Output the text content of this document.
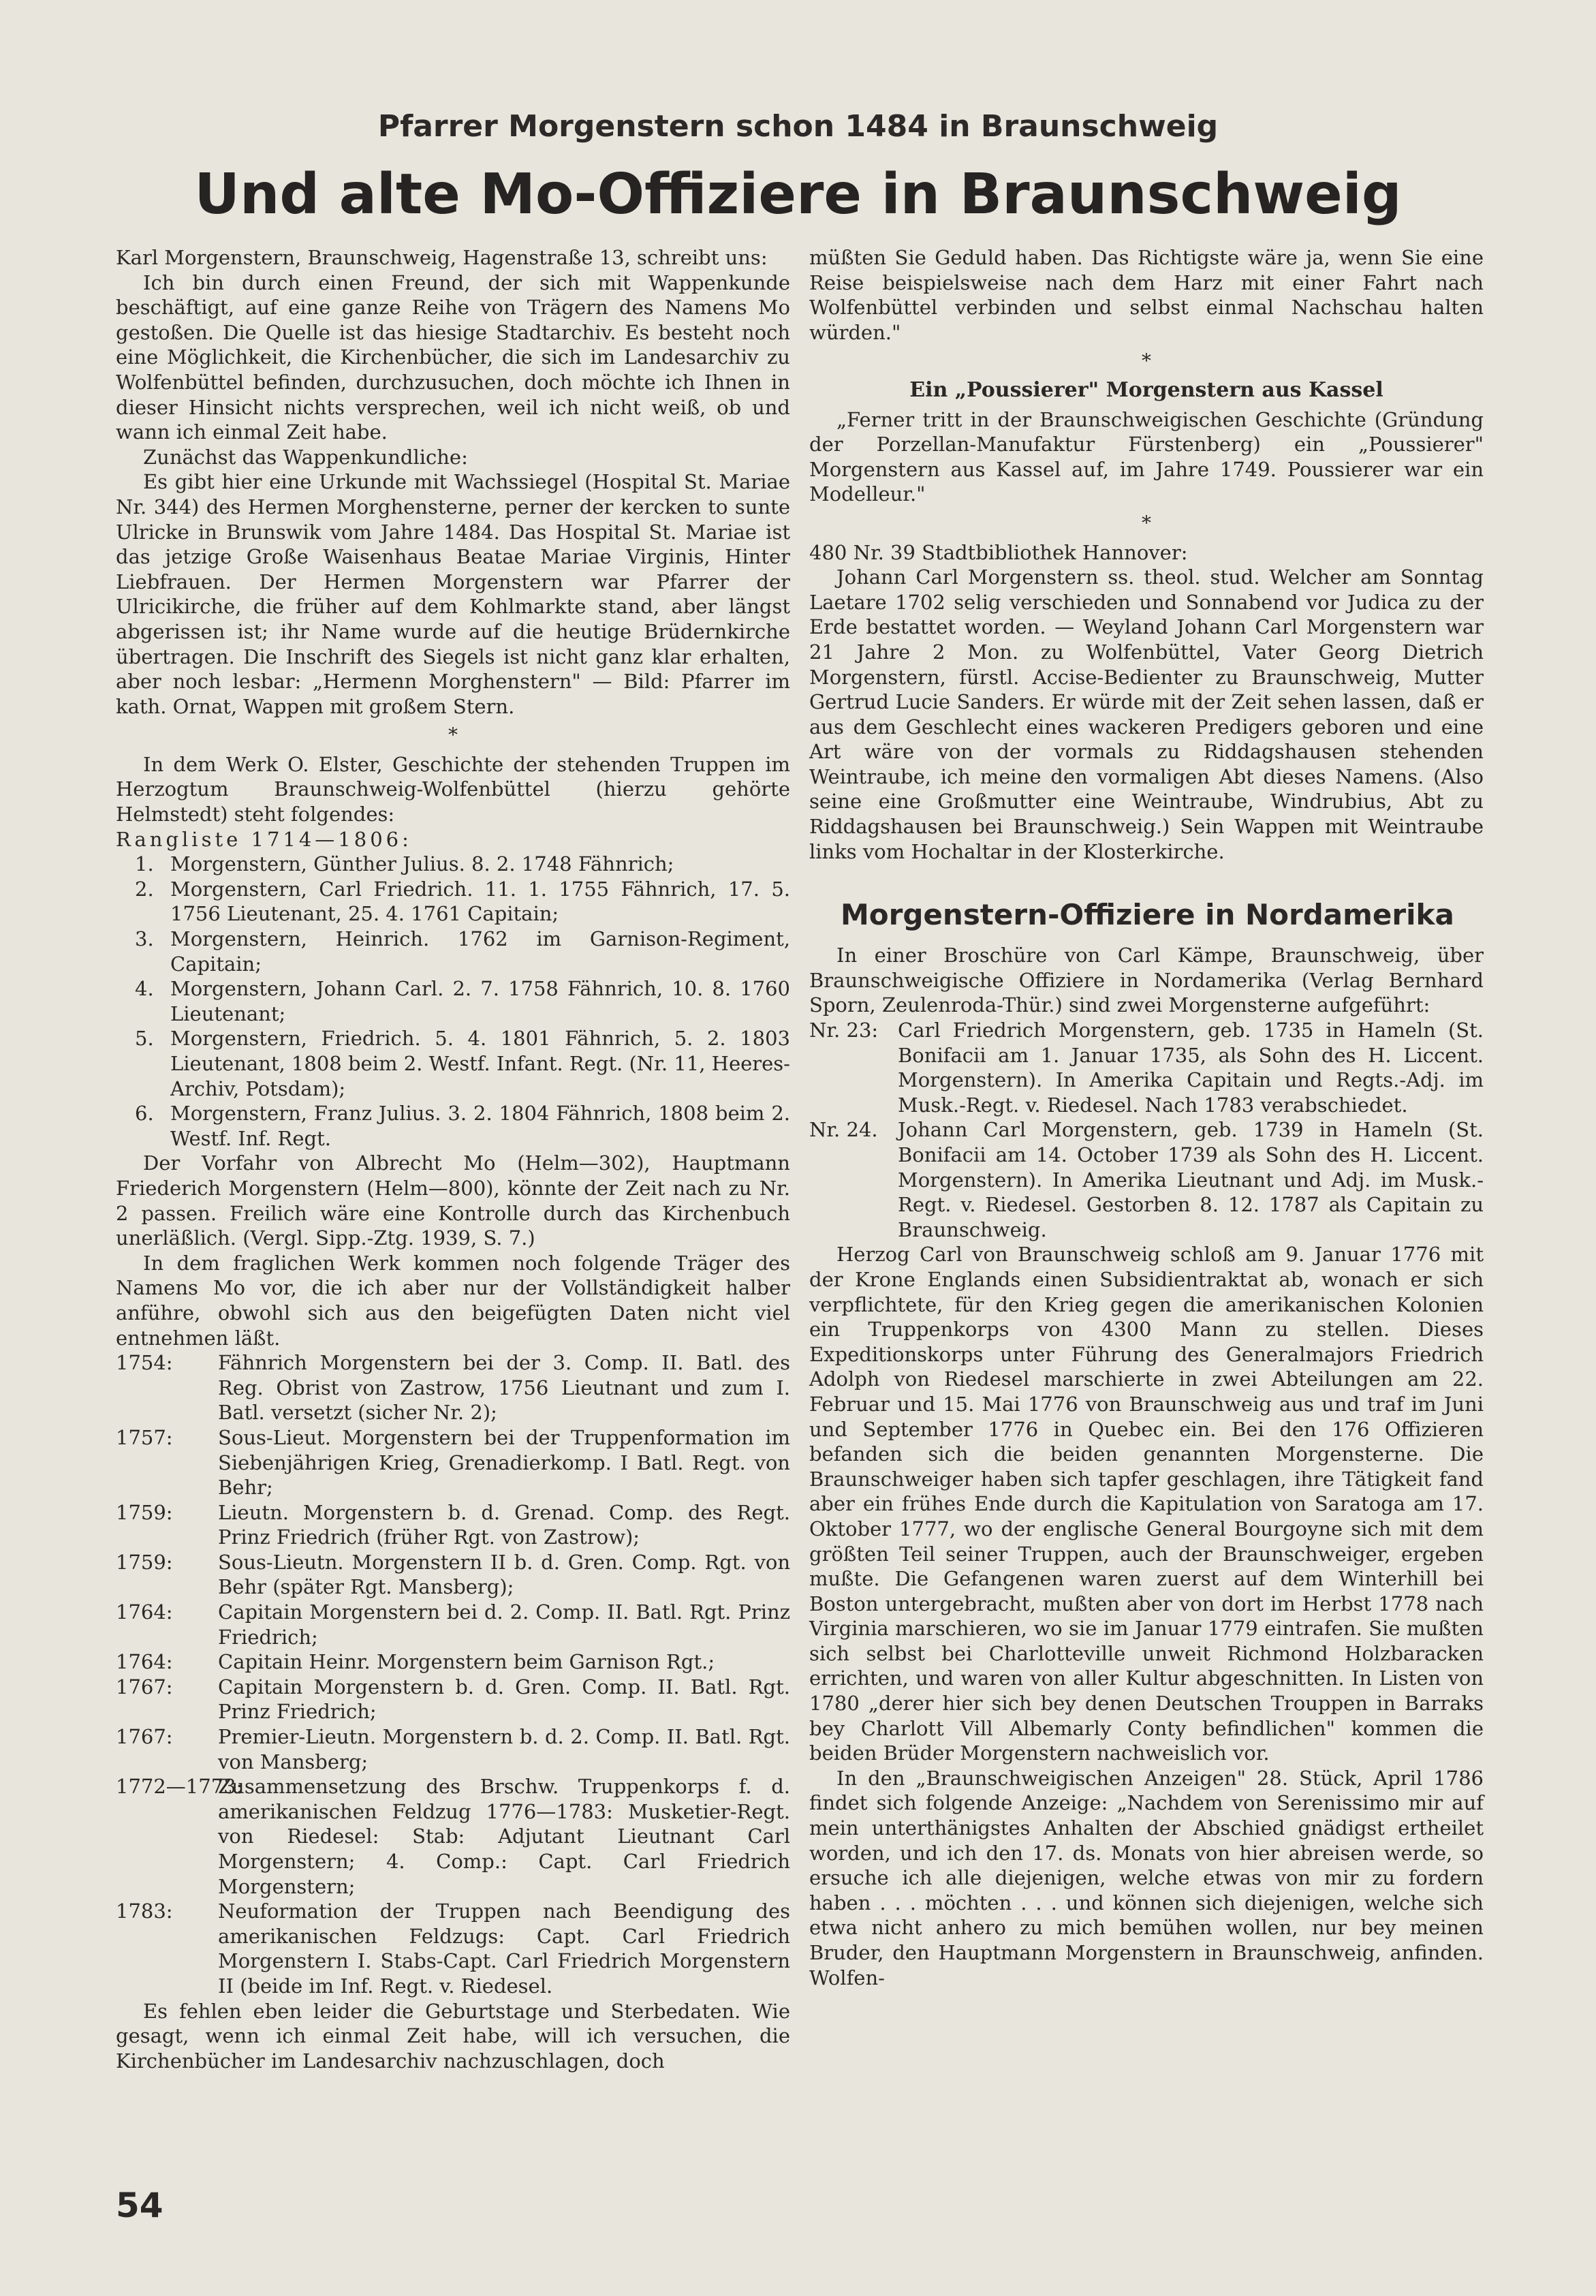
Pfarrer Morgenstern schon 1484 in Braunschweig
Und alte Mo-Offiziere in Braunschweig

Karl Morgenstern, Braunschweig, Hagenstraße 13, schreibt uns:

Ich bin durch einen Freund, der sich mit Wappenkunde beschäftigt, auf eine ganze Reihe von Trägern des Namens Mo gestoßen. Die Quelle ist das hiesige Stadtarchiv. Es besteht noch eine Möglichkeit, die Kirchenbücher, die sich im Landesarchiv zu Wolfenbüttel befinden, durchzusuchen, doch möchte ich Ihnen in dieser Hinsicht nichts versprechen, weil ich nicht weiß, ob und wann ich einmal Zeit habe.

Zunächst das Wappenkundliche:

Es gibt hier eine Urkunde mit Wachssiegel (Hospital St. Mariae Nr. 344) des Hermen Morghensterne, perner der kercken to sunte Ulricke in Brunswik vom Jahre 1484. Das Hospital St. Mariae ist das jetzige Große Waisenhaus Beatae Mariae Virginis, Hinter Liebfrauen. Der Hermen Morgenstern war Pfarrer der Ulricikirche, die früher auf dem Kohlmarkte stand, aber längst abgerissen ist; ihr Name wurde auf die heutige Brüdernkirche übertragen. Die Inschrift des Siegels ist nicht ganz klar erhalten, aber noch lesbar: „Hermenn Morghenstern" — Bild: Pfarrer im kath. Ornat, Wappen mit großem Stern.

*

In dem Werk O. Elster, Geschichte der stehenden Truppen im Herzogtum Braunschweig-Wolfenbüttel (hierzu gehörte Helmstedt) steht folgendes:

Rangliste 1714—1806:

1. Morgenstern, Günther Julius. 8. 2. 1748 Fähnrich;
2. Morgenstern, Carl Friedrich. 11. 1. 1755 Fähnrich, 17. 5. 1756 Lieutenant, 25. 4. 1761 Capitain;
3. Morgenstern, Heinrich. 1762 im Garnison-Regiment, Capitain;
4. Morgenstern, Johann Carl. 2. 7. 1758 Fähnrich, 10. 8. 1760 Lieutenant;
5. Morgenstern, Friedrich. 5. 4. 1801 Fähnrich, 5. 2. 1803 Lieutenant, 1808 beim 2. Westf. Infant. Regt. (Nr. 11, Heeres-Archiv, Potsdam);
6. Morgenstern, Franz Julius. 3. 2. 1804 Fähnrich, 1808 beim 2. Westf. Inf. Regt.

Der Vorfahr von Albrecht Mo (Helm—302), Hauptmann Friederich Morgenstern (Helm—800), könnte der Zeit nach zu Nr. 2 passen. Freilich wäre eine Kontrolle durch das Kirchenbuch unerläßlich. (Vergl. Sipp.-Ztg. 1939, S. 7.)

In dem fraglichen Werk kommen noch folgende Träger des Namens Mo vor, die ich aber nur der Vollständigkeit halber anführe, obwohl sich aus den beigefügten Daten nicht viel entnehmen läßt.

1754: Fähnrich Morgenstern bei der 3. Comp. II. Batl. des Reg. Obrist von Zastrow, 1756 Lieutnant und zum I. Batl. versetzt (sicher Nr. 2);
1757: Sous-Lieut. Morgenstern bei der Truppenformation im Siebenjährigen Krieg, Grenadierkomp. I Batl. Regt. von Behr;
1759: Lieutn. Morgenstern b. d. Grenad. Comp. des Regt. Prinz Friedrich (früher Rgt. von Zastrow);
1759: Sous-Lieutn. Morgenstern II b. d. Gren. Comp. Rgt. von Behr (später Rgt. Mansberg);
1764: Capitain Morgenstern bei d. 2. Comp. II. Batl. Rgt. Prinz Friedrich;
1764: Capitain Heinr. Morgenstern beim Garnison Rgt.;
1767: Capitain Morgenstern b. d. Gren. Comp. II. Batl. Rgt. Prinz Friedrich;
1767: Premier-Lieutn. Morgenstern b. d. 2. Comp. II. Batl. Rgt. von Mansberg;
1772—1773:
Zusammensetzung des Brschw. Truppenkorps f. d. amerikanischen Feldzug 1776—1783: Musketier-Regt. von Riedesel: Stab: Adjutant Lieutnant Carl Morgenstern; 4. Comp.: Capt. Carl Friedrich Morgenstern;
1783: Neuformation der Truppen nach Beendigung des amerikanischen Feldzugs: Capt. Carl Friedrich Morgenstern I. Stabs-Capt. Carl Friedrich Morgenstern II (beide im Inf. Regt. v. Riedesel.

Es fehlen eben leider die Geburtstage und Sterbedaten. Wie gesagt, wenn ich einmal Zeit habe, will ich versuchen, die Kirchenbücher im Landesarchiv nachzuschlagen, doch

müßten Sie Geduld haben. Das Richtigste wäre ja, wenn Sie eine Reise beispielsweise nach dem Harz mit einer Fahrt nach Wolfenbüttel verbinden und selbst einmal Nachschau halten würden."

*
Ein „Poussierer" Morgenstern aus Kassel

„Ferner tritt in der Braunschweigischen Geschichte (Gründung der Porzellan-Manufaktur Fürstenberg) ein „Poussierer" Morgenstern aus Kassel auf, im Jahre 1749. Poussierer war ein Modelleur."

*

480 Nr. 39 Stadtbibliothek Hannover:

Johann Carl Morgenstern ss. theol. stud. Welcher am Sonntag Laetare 1702 selig verschieden und Sonnabend vor Judica zu der Erde bestattet worden. — Weyland Johann Carl Morgenstern war 21 Jahre 2 Mon. zu Wolfenbüttel, Vater Georg Dietrich Morgenstern, fürstl. Accise-Bedienter zu Braunschweig, Mutter Gertrud Lucie Sanders. Er würde mit der Zeit sehen lassen, daß er aus dem Geschlecht eines wackeren Predigers geboren und eine Art wäre von der vormals zu Riddagshausen stehenden Weintraube, ich meine den vormaligen Abt dieses Namens. (Also seine eine Großmutter eine Weintraube, Windrubius, Abt zu Riddagshausen bei Braunschweig.) Sein Wappen mit Weintraube links vom Hochaltar in der Klosterkirche.

Morgenstern-Offiziere in Nordamerika

In einer Broschüre von Carl Kämpe, Braunschweig, über Braunschweigische Offiziere in Nordamerika (Verlag Bernhard Sporn, Zeulenroda-Thür.) sind zwei Morgensterne aufgeführt:

Nr. 23: Carl Friedrich Morgenstern, geb. 1735 in Hameln (St. Bonifacii am 1. Januar 1735, als Sohn des H. Liccent. Morgenstern). In Amerika Capitain und Regts.-Adj. im Musk.-Regt. v. Riedesel. Nach 1783 verabschiedet.
Nr. 24. Johann Carl Morgenstern, geb. 1739 in Hameln (St. Bonifacii am 14. October 1739 als Sohn des H. Liccent. Morgenstern). In Amerika Lieutnant und Adj. im Musk.-Regt. v. Riedesel. Gestorben 8. 12. 1787 als Capitain zu Braunschweig.

Herzog Carl von Braunschweig schloß am 9. Januar 1776 mit der Krone Englands einen Subsidientraktat ab, wonach er sich verpflichtete, für den Krieg gegen die amerikanischen Kolonien ein Truppenkorps von 4300 Mann zu stellen. Dieses Expeditionskorps unter Führung des Generalmajors Friedrich Adolph von Riedesel marschierte in zwei Abteilungen am 22. Februar und 15. Mai 1776 von Braunschweig aus und traf im Juni und September 1776 in Quebec ein. Bei den 176 Offizieren befanden sich die beiden genannten Morgensterne. Die Braunschweiger haben sich tapfer geschlagen, ihre Tätigkeit fand aber ein frühes Ende durch die Kapitulation von Saratoga am 17. Oktober 1777, wo der englische General Bourgoyne sich mit dem größten Teil seiner Truppen, auch der Braunschweiger, ergeben mußte. Die Gefangenen waren zuerst auf dem Winterhill bei Boston untergebracht, mußten aber von dort im Herbst 1778 nach Virginia marschieren, wo sie im Januar 1779 eintrafen. Sie mußten sich selbst bei Charlotteville unweit Richmond Holzbaracken errichten, und waren von aller Kultur abgeschnitten. In Listen von 1780 „derer hier sich bey denen Deutschen Trouppen in Barraks bey Charlott Vill Albemarly Conty befindlichen" kommen die beiden Brüder Morgenstern nachweislich vor.

In den „Braunschweigischen Anzeigen" 28. Stück, April 1786 findet sich folgende Anzeige: „Nachdem von Serenissimo mir auf mein unterthänigstes Anhalten der Abschied gnädigst ertheilet worden, und ich den 17. ds. Monats von hier abreisen werde, so ersuche ich alle diejenigen, welche etwas von mir zu fordern haben . . . möchten . . . und können sich diejenigen, welche sich etwa nicht anhero zu mich bemühen wollen, nur bey meinen Bruder, den Hauptmann Morgenstern in Braunschweig, anfinden. Wolfen-

54
